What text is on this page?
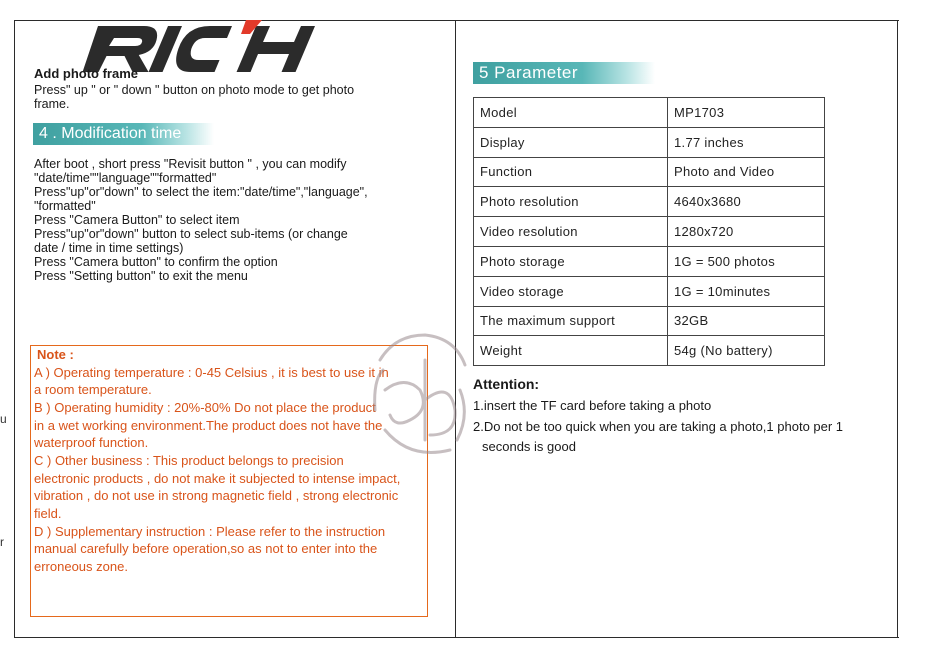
u
r
Add photo frame
Press" up " or " down " button on photo mode to get photo
frame.
4 . Modification time
After boot , short press "Revisit button " , you can modify
"date/time""language""formatted"
Press"up"or"down" to select the item:"date/time","language",
"formatted"
Press "Camera Button" to select item
Press"up"or"down" button to select sub-items (or change
date / time in time settings)
Press "Camera button" to confirm the option
Press "Setting button" to exit the menu
Note :
A ) Operating temperature : 0-45 Celsius , it is best to use it in
a room temperature.
B ) Operating humidity : 20%-80% Do not place the product
in a wet working environment.The product does not have the
waterproof function.
C ) Other business : This product belongs to precision
electronic products , do not make it subjected to intense impact,
vibration , do not use in strong magnetic field , strong electronic
field.
D ) Supplementary instruction : Please refer to the instruction
manual carefully before operation,so as not to enter into the
erroneous zone.
5 Parameter
Model	MP1703
Display	1.77 inches
Function	Photo and Video
Photo resolution	4640x3680
Video resolution	1280x720
Photo storage	1G = 500 photos
Video storage	1G = 10minutes
The maximum support	32GB
Weight	54g (No battery)
Attention:
1.insert the TF card before taking a photo
2.Do not be too quick when you are taking a photo,1 photo per 1
seconds is good
